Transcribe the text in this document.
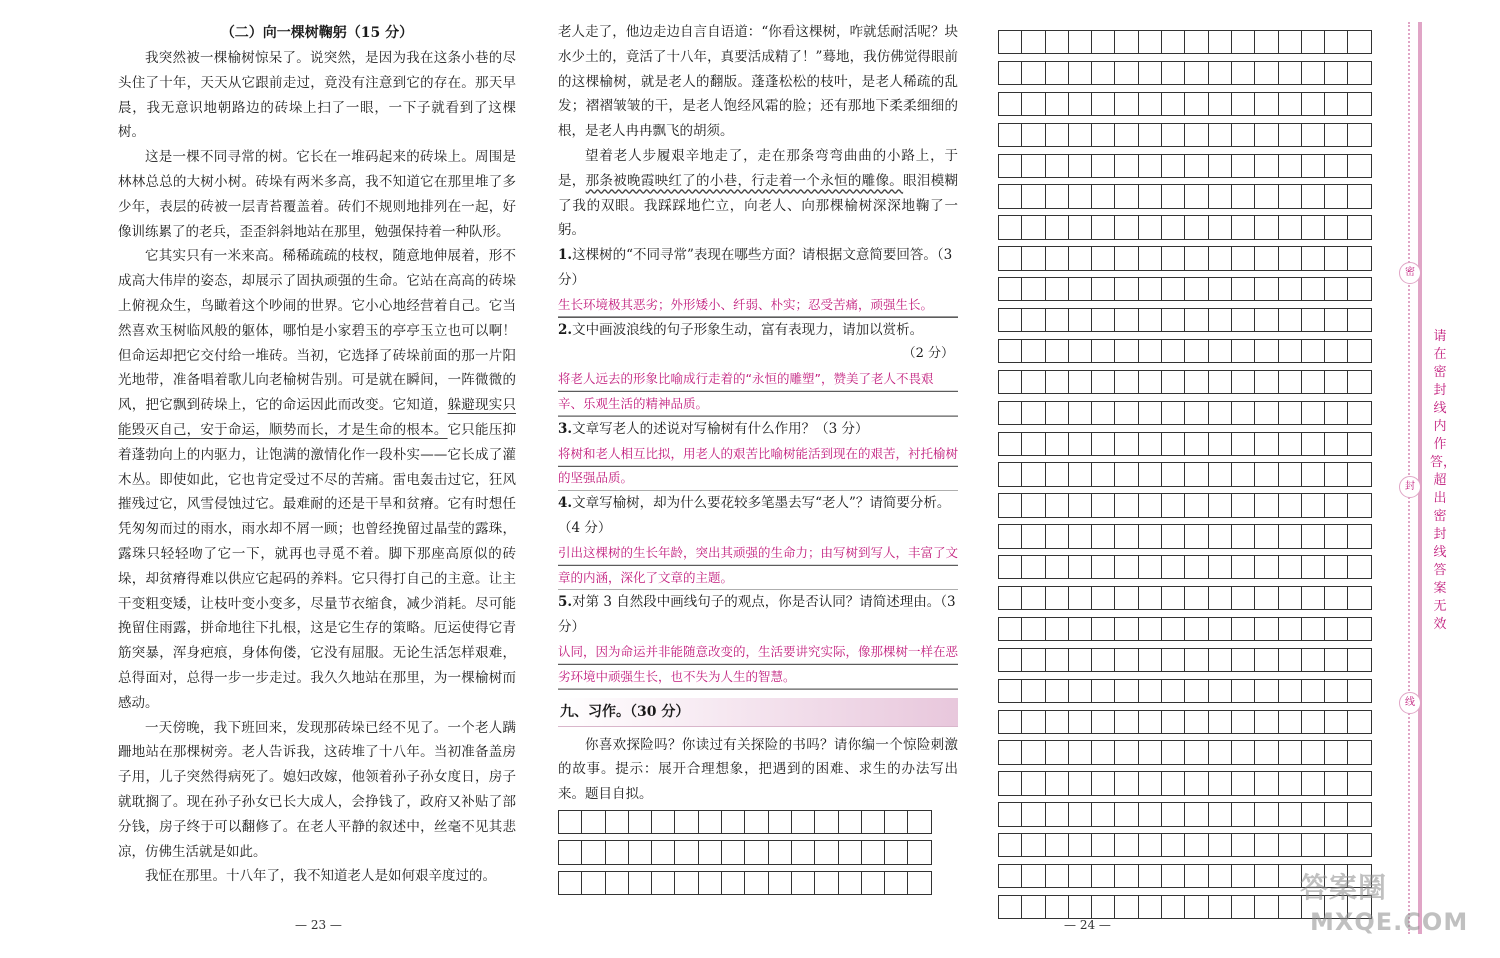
（二）向一棵树鞠躬（15 分）

我突然被一棵榆树惊呆了。说突然，是因为我在这条小巷的尽头住了十年，天天从它跟前走过，竟没有注意到它的存在。那天早晨，我无意识地朝路边的砖垛上扫了一眼，一下子就看到了这棵树。

这是一棵不同寻常的树。它长在一堆码起来的砖垛上。周围是林林总总的大树小树。砖垛有两米多高，我不知道它在那里堆了多少年，表层的砖被一层青苔覆盖着。砖们不规则地排列在一起，好像训练累了的老兵，歪歪斜斜地站在那里，勉强保持着一种队形。

它其实只有一米来高。稀稀疏疏的枝杈，随意地伸展着，形不成高大伟岸的姿态，却展示了固执顽强的生命。它站在高高的砖垛上俯视众生，鸟瞰着这个吵闹的世界。它小心地经营着自己。它当然喜欢玉树临风般的躯体，哪怕是小家碧玉的亭亭玉立也可以啊！但命运却把它交付给一堆砖。当初，它选择了砖垛前面的那一片阳光地带，准备唱着歌儿向老榆树告别。可是就在瞬间，一阵微微的风，把它飘到砖垛上，它的命运因此而改变。它知道，躲避现实只能毁灭自己，安于命运，顺势而长，才是生命的根本。它只能压抑着蓬勃向上的内驱力，让饱满的激情化作一段朴实——它长成了灌木丛。即使如此，它也肯定受过不尽的苦痛。雷电轰击过它，狂风摧残过它，风雪侵蚀过它。最难耐的还是干旱和贫瘠。它有时想任凭匆匆而过的雨水，雨水却不屑一顾；也曾经挽留过晶莹的露珠，露珠只轻轻吻了它一下，就再也寻觅不着。脚下那座高原似的砖垛，却贫瘠得难以供应它起码的养料。它只得打自己的主意。让主干变粗变矮，让枝叶变小变多，尽量节衣缩食，减少消耗。尽可能挽留住雨露，拼命地往下扎根，这是它生存的策略。厄运使得它青筋突暴，浑身疤痕，身体佝偻，它没有屈服。无论生活怎样艰难，总得面对，总得一步一步走过。我久久地站在那里，为一棵榆树而感动。

一天傍晚，我下班回来，发现那砖垛已经不见了。一个老人蹒跚地站在那棵树旁。老人告诉我，这砖堆了十八年。当初准备盖房子用，儿子突然得病死了。媳妇改嫁，他领着孙子孙女度日，房子就耽搁了。现在孙子孙女已长大成人，会挣钱了，政府又补贴了部分钱，房子终于可以翻修了。在老人平静的叙述中，丝毫不见其悲凉，仿佛生活就是如此。

我怔在那里。十八年了，我不知道老人是如何艰辛度过的。

— 23 —

老人走了，他边走边自言自语道：“你看这棵树，咋就恁耐活呢？块水少土的，竟活了十八年，真要活成精了！”蓦地，我仿佛觉得眼前的这棵榆树，就是老人的翻版。蓬蓬松松的枝叶，是老人稀疏的乱发；褶褶皱皱的干，是老人饱经风霜的脸；还有那地下柔柔细细的根，是老人冉冉飘飞的胡须。

望着老人步履艰辛地走了，走在那条弯弯曲曲的小路上，于是，那条被晚霞映红了的小巷，行走着一个永恒的雕像。眼泪模糊了我的双眼。我踩踩地伫立，向老人、向那棵榆树深深地鞠了一躬。

1.这棵树的“不同寻常”表现在哪些方面？请根据文意简要回答。（3 分）

生长环境极其恶劣；外形矮小、纤弱、朴实；忍受苦痛，顽强生长。

2.文中画波浪线的句子形象生动，富有表现力，请加以赏析。

（2 分）

将老人远去的形象比喻成行走着的“永恒的雕塑”，赞美了老人不畏艰辛、乐观生活的精神品质。

3.文章写老人的述说对写榆树有什么作用？（3 分）

将树和老人相互比拟，用老人的艰苦比喻树能活到现在的艰苦，衬托榆树的坚强品质。

4.文章写榆树，却为什么要花较多笔墨去写“老人”？请简要分析。（4 分）

引出这棵树的生长年龄，突出其顽强的生命力；由写树到写人，丰富了文章的内涵，深化了文章的主题。

5.对第 3 自然段中画线句子的观点，你是否认同？请简述理由。（3 分）

认同，因为命运并非能随意改变的，生活要讲究实际，像那棵树一样在恶劣环境中顽强生长，也不失为人生的智慧。

九、习作。（30 分）

你喜欢探险吗？你读过有关探险的书吗？请你编一个惊险刺激的故事。提示：展开合理想象，把遇到的困难、求生的办法写出来。题目自拟。

— 24 —
密
封
线
请在密封线内作答，超出密封线答案无效
答案圈
MXQE.COM
